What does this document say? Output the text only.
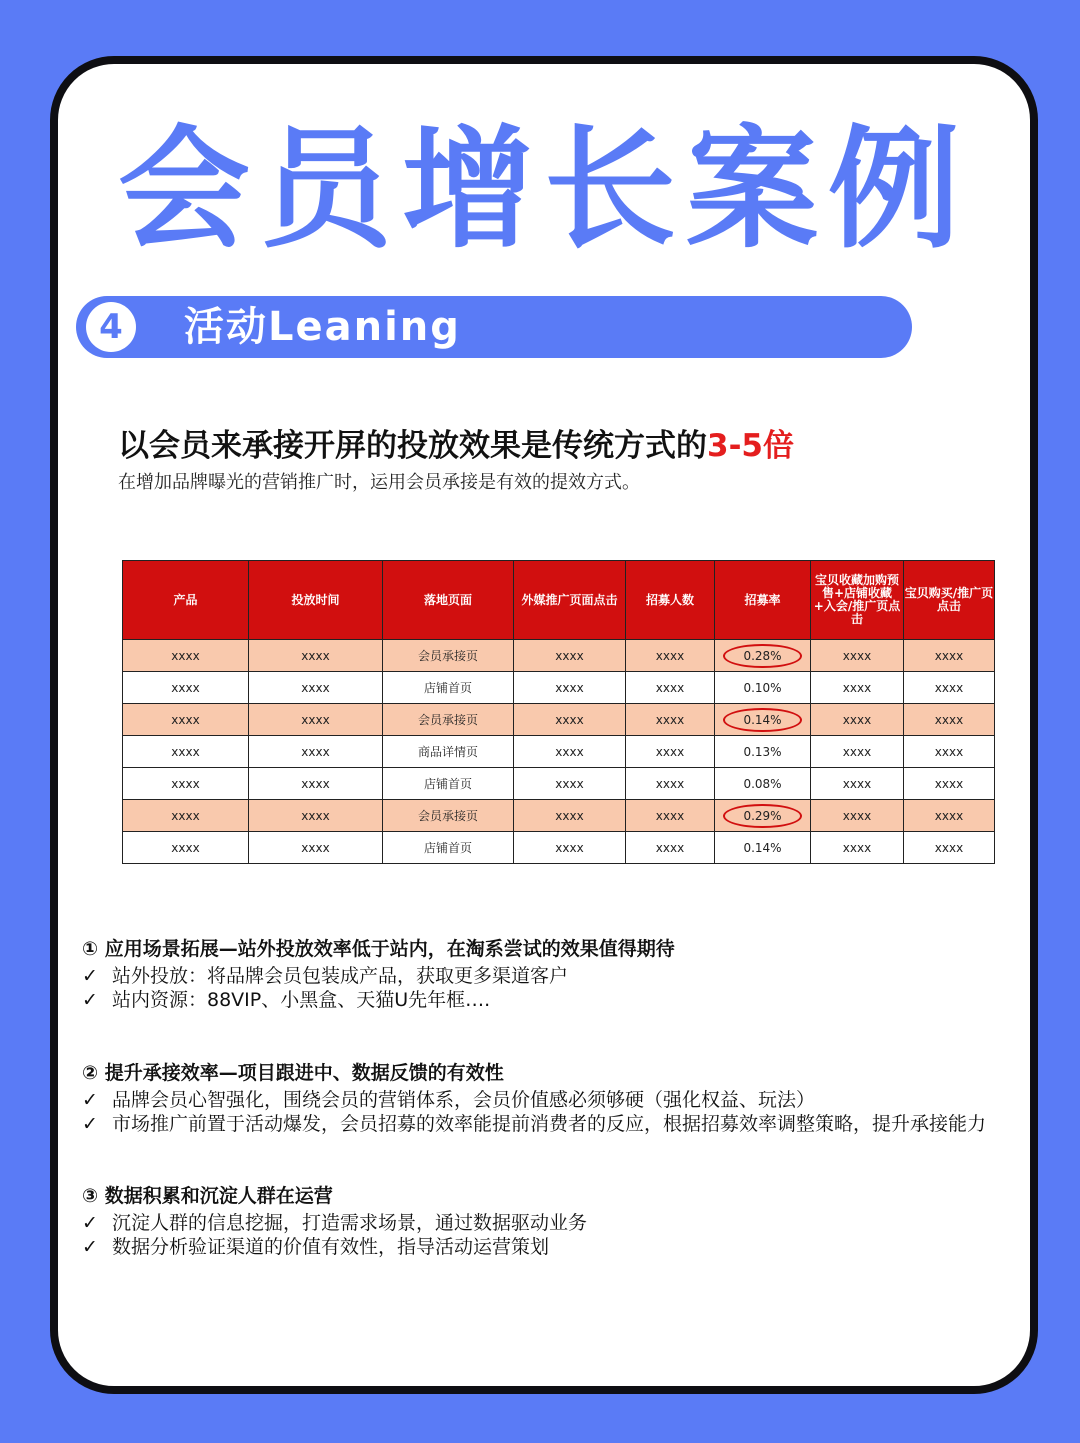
会员增长案例
4	活动Leaning
以会员来承接开屏的投放效果是传统方式的3-5倍
在增加品牌曝光的营销推广时，运用会员承接是有效的提效方式。
产品	投放时间	落地页面	外媒推广页面点击	招募人数	招募率	宝贝收藏加购预售+店铺收藏+入会/推广页点击	宝贝购买/推广页点击
xxxx	xxxx	会员承接页	xxxx	xxxx	0.28%	xxxx	xxxx
xxxx	xxxx	店铺首页	xxxx	xxxx	0.10%	xxxx	xxxx
xxxx	xxxx	会员承接页	xxxx	xxxx	0.14%	xxxx	xxxx
xxxx	xxxx	商品详情页	xxxx	xxxx	0.13%	xxxx	xxxx
xxxx	xxxx	店铺首页	xxxx	xxxx	0.08%	xxxx	xxxx
xxxx	xxxx	会员承接页	xxxx	xxxx	0.29%	xxxx	xxxx
xxxx	xxxx	店铺首页	xxxx	xxxx	0.14%	xxxx	xxxx
① 应用场景拓展—站外投放效率低于站内，在淘系尝试的效果值得期待
✓ 站外投放：将品牌会员包装成产品，获取更多渠道客户
✓ 站内资源：88VIP、小黑盒、天猫U先年框….
② 提升承接效率—项目跟进中、数据反馈的有效性
✓ 品牌会员心智强化，围绕会员的营销体系，会员价值感必须够硬（强化权益、玩法）
✓ 市场推广前置于活动爆发，会员招募的效率能提前消费者的反应，根据招募效率调整策略，提升承接能力
③ 数据积累和沉淀人群在运营
✓ 沉淀人群的信息挖掘，打造需求场景，通过数据驱动业务
✓ 数据分析验证渠道的价值有效性，指导活动运营策划
